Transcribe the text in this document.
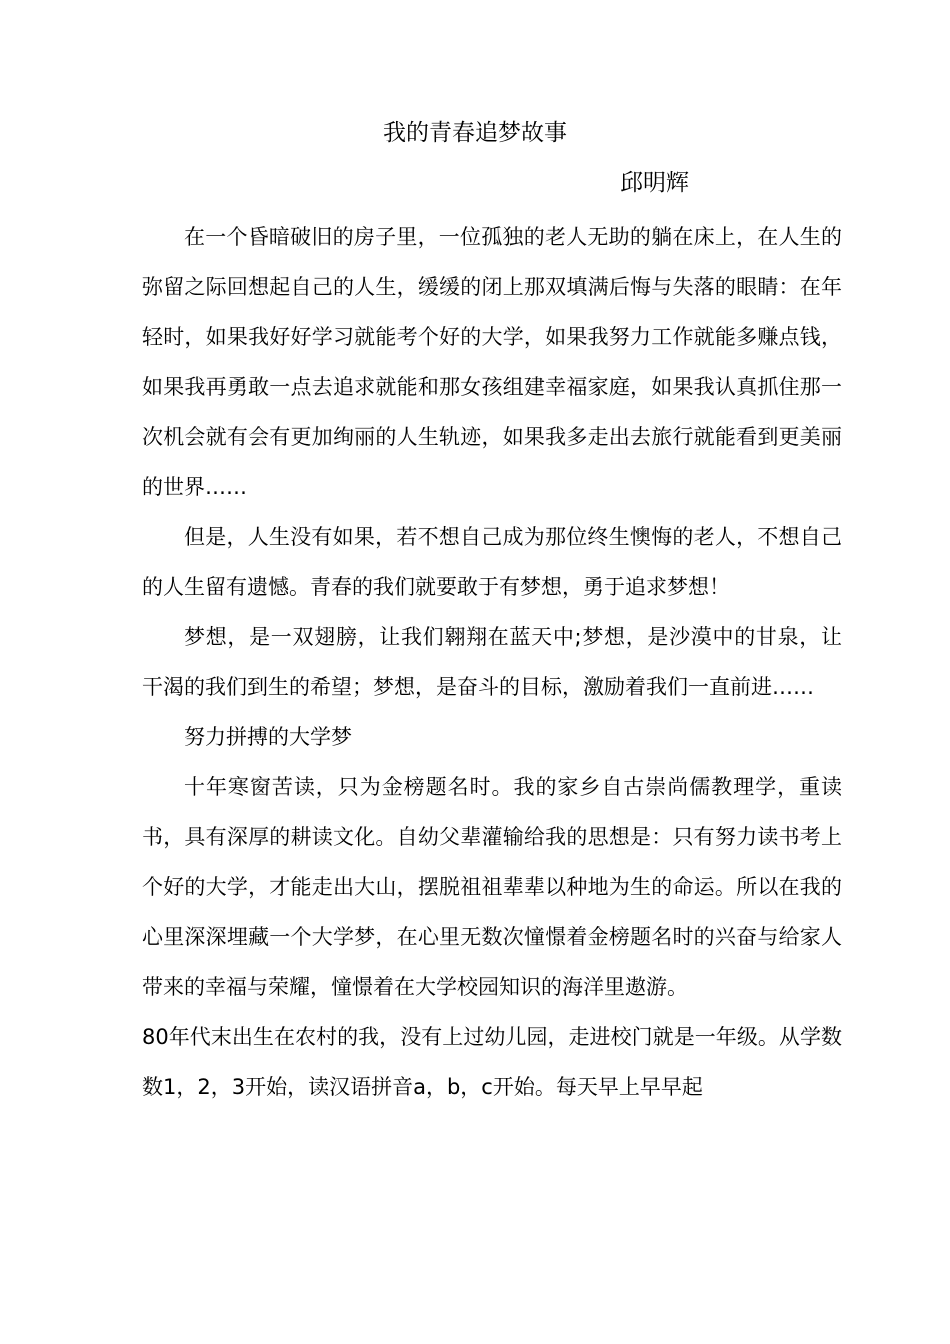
我的青春追梦故事
邱明辉

在一个昏暗破旧的房子里，一位孤独的老人无助的躺在床上，在人生的弥留之际回想起自己的人生，缓缓的闭上那双填满后悔与失落的眼睛：在年轻时，如果我好好学习就能考个好的大学，如果我努力工作就能多赚点钱，如果我再勇敢一点去追求就能和那女孩组建幸福家庭，如果我认真抓住那一次机会就有会有更加绚丽的人生轨迹，如果我多走出去旅行就能看到更美丽的世界……

但是，人生没有如果，若不想自己成为那位终生懊悔的老人，不想自己的人生留有遗憾。青春的我们就要敢于有梦想，勇于追求梦想！

梦想，是一双翅膀，让我们翱翔在蓝天中;梦想，是沙漠中的甘泉，让干渴的我们到生的希望；梦想，是奋斗的目标，激励着我们一直前进……

努力拼搏的大学梦

十年寒窗苦读，只为金榜题名时。我的家乡自古崇尚儒教理学，重读书，具有深厚的耕读文化。自幼父辈灌输给我的思想是：只有努力读书考上个好的大学，才能走出大山，摆脱祖祖辈辈以种地为生的命运。所以在我的心里深深埋藏一个大学梦，在心里无数次憧憬着金榜题名时的兴奋与给家人带来的幸福与荣耀，憧憬着在大学校园知识的海洋里遨游。

80年代末出生在农村的我，没有上过幼儿园，走进校门就是一年级。从学数数1，2，3开始，读汉语拼音a，b，c开始。每天早上早早起
